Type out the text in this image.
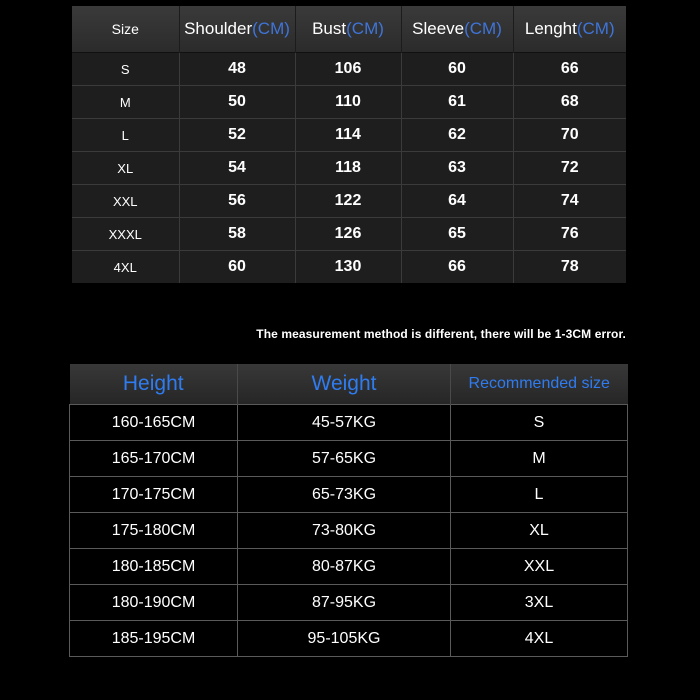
Size	Shoulder(CM)	Bust(CM)	Sleeve(CM)	Lenght(CM)
S	48	106	60	66
M	50	110	61	68
L	52	114	62	70
XL	54	118	63	72
XXL	56	122	64	74
XXXL	58	126	65	76
4XL	60	130	66	78
The measurement method is different, there will be 1-3CM error.
Height	Weight	Recommended size
160-165CM	45-57KG	S
165-170CM	57-65KG	M
170-175CM	65-73KG	L
175-180CM	73-80KG	XL
180-185CM	80-87KG	XXL
180-190CM	87-95KG	3XL
185-195CM	95-105KG	4XL
